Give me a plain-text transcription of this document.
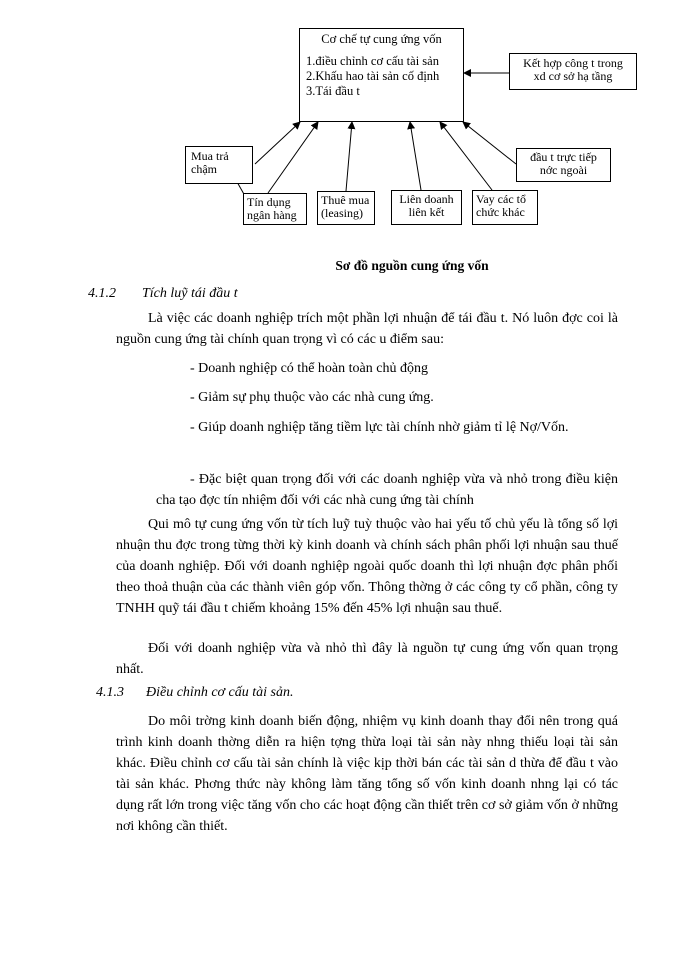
Cơ chế tự cung ứng vốn
1.điều chỉnh cơ cấu tài sản
2.Khấu hao tài sản cố định
3.Tái đầu t
Kết hợp công t trong
xd cơ sở hạ tầng
Mua trả
chậm
đầu t trực tiếp
nớc ngoài
Tín dụng
ngân hàng
Thuê mua
(leasing)
Liên doanh
liên kết
Vay các tổ
chức khác
Sơ đồ nguồn cung ứng vốn
4.1.2 Tích luỹ tái đầu t

Là việc các doanh nghiệp trích một phần lợi nhuận để tái đầu t. Nó luôn đợc coi là nguồn cung ứng tài chính quan trọng vì có các u điểm sau:

- Doanh nghiệp có thể hoàn toàn chủ động
- Giảm sự phụ thuộc vào các nhà cung ứng.
- Giúp doanh nghiệp tăng tiềm lực tài chính nhờ giảm tỉ lệ Nợ/Vốn.
- Đặc biệt quan trọng đối với các doanh nghiệp vừa và nhỏ trong điều kiện cha tạo đợc tín nhiệm đối với các nhà cung ứng tài chính

Qui mô tự cung ứng vốn từ tích luỹ tuỳ thuộc vào hai yếu tố chủ yếu là tổng số lợi nhuận thu đợc trong từng thời kỳ kinh doanh và chính sách phân phối lợi nhuận sau thuế của doanh nghiệp. Đối với doanh nghiệp ngoài quốc doanh thì lợi nhuận đợc phân phối theo thoả thuận của các thành viên góp vốn. Thông thờng ở các công ty cổ phần, công ty TNHH quỹ tái đầu t chiếm khoảng 15% đến 45% lợi nhuận sau thuế.

Đối với doanh nghiệp vừa và nhỏ thì đây là nguồn tự cung ứng vốn quan trọng nhất.

4.1.3 Điều chỉnh cơ cấu tài sản.

Do môi trờng kinh doanh biến động, nhiệm vụ kinh doanh thay đổi nên trong quá trình kinh doanh thờng diễn ra hiện tợng thừa loại tài sản này nhng thiếu loại tài sản khác. Điều chỉnh cơ cấu tài sản chính là việc kịp thời bán các tài sản d thừa để đầu t vào tài sản khác. Phơng thức này không làm tăng tổng số vốn kinh doanh nhng lại có tác dụng rất lớn trong việc tăng vốn cho các hoạt động cần thiết trên cơ sở giảm vốn ở những nơi không cần thiết.
